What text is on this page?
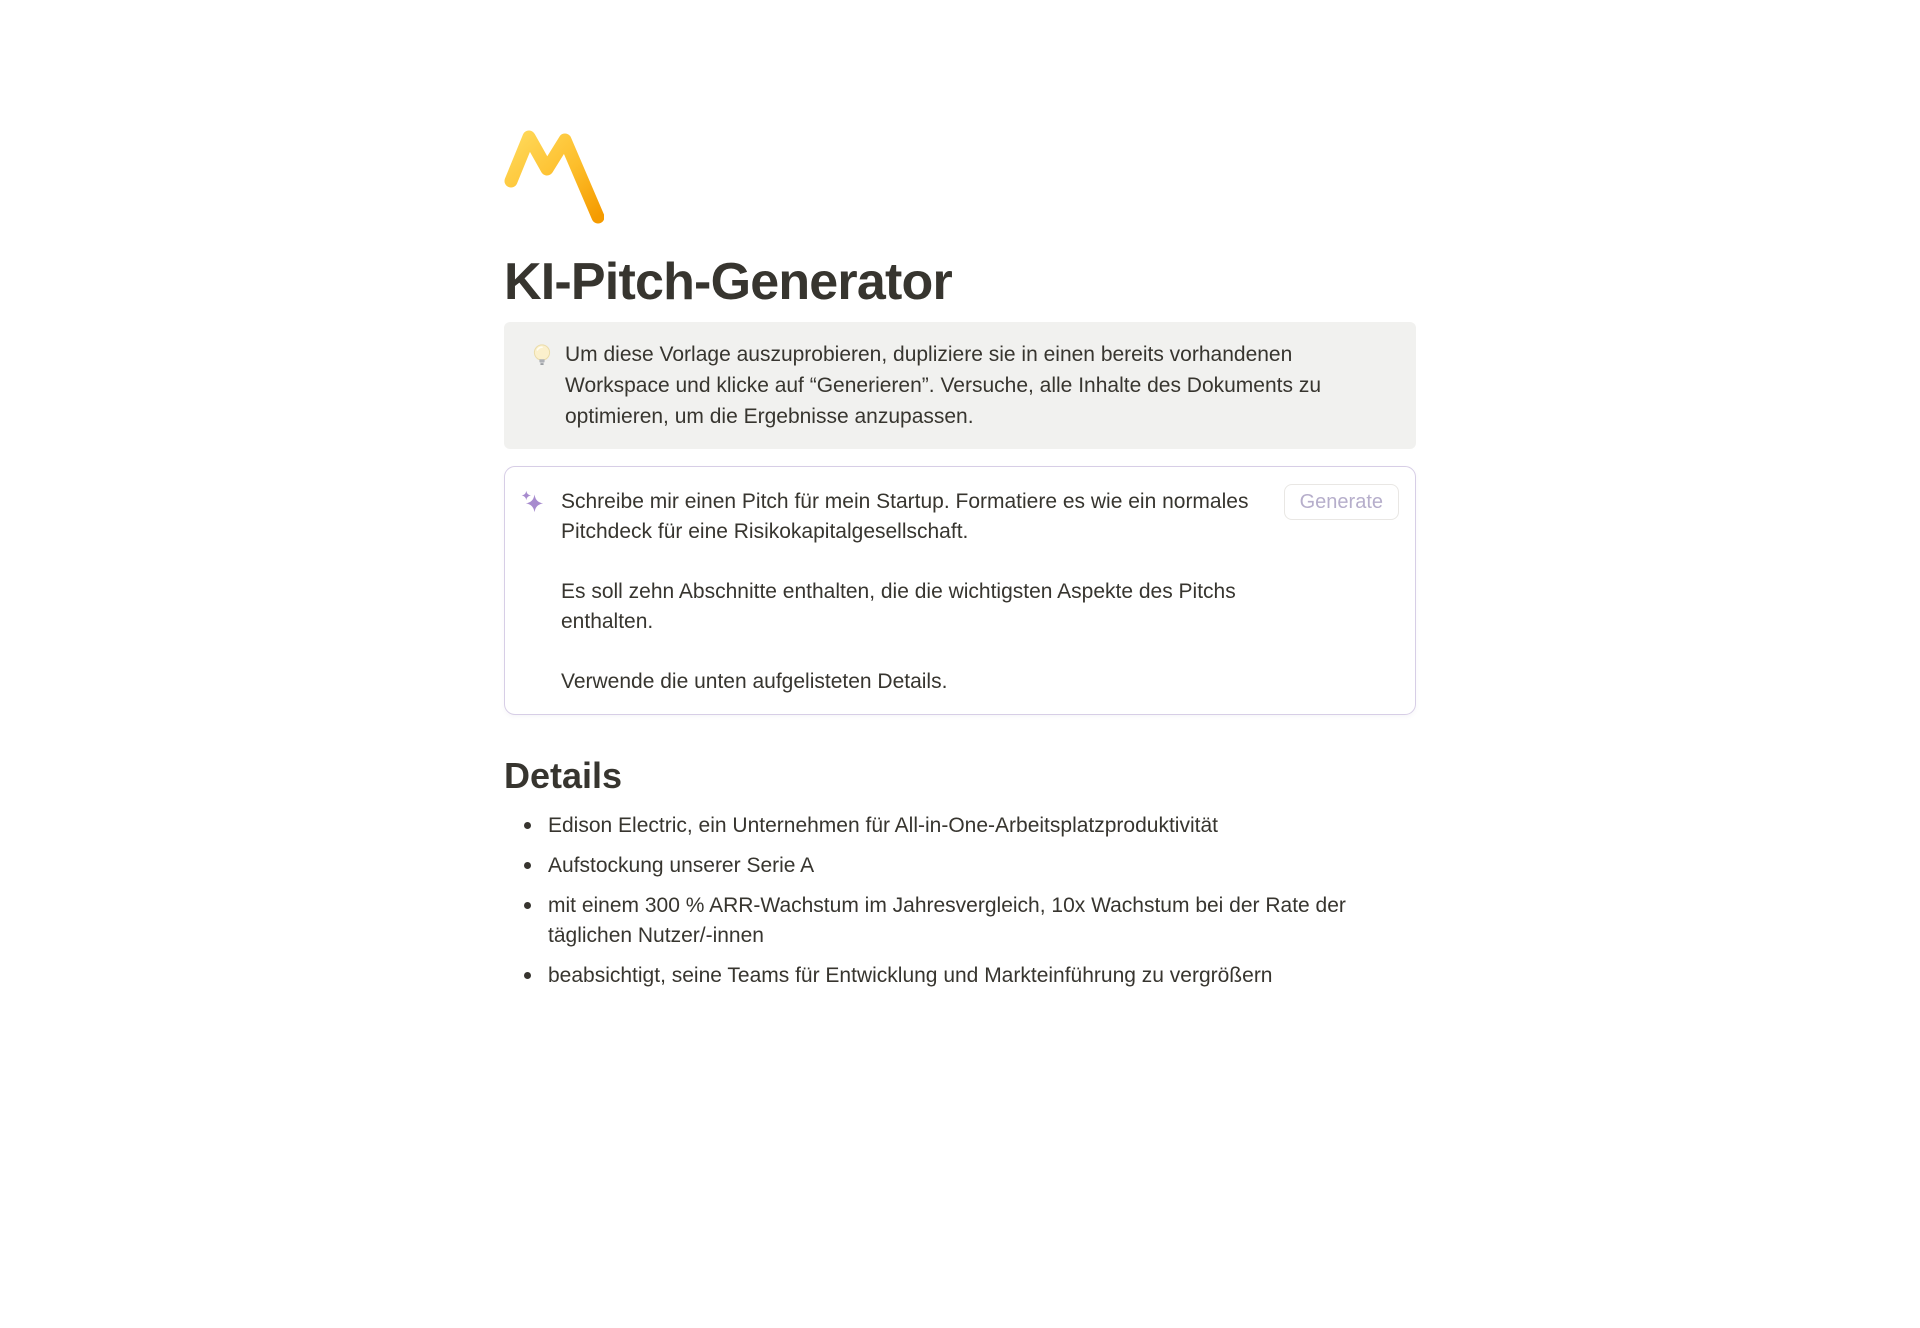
KI-Pitch-Generator
Um diese Vorlage auszuprobieren, dupliziere sie in einen bereits vorhandenen
Workspace und klicke auf “Generieren”. Versuche, alle Inhalte des Dokuments zu
optimieren, um die Ergebnisse anzupassen.
Schreibe mir einen Pitch für mein Startup. Formatiere es wie ein normales
Pitchdeck für eine Risikokapitalgesellschaft.
Es soll zehn Abschnitte enthalten, die die wichtigsten Aspekte des Pitchs
enthalten.
Verwende die unten aufgelisteten Details.
Generate
Details
Edison Electric, ein Unternehmen für All-in-One-Arbeitsplatzproduktivität
Aufstockung unserer Serie A
mit einem 300 % ARR-Wachstum im Jahresvergleich, 10x Wachstum bei der Rate der
täglichen Nutzer/-innen
beabsichtigt, seine Teams für Entwicklung und Markteinführung zu vergrößern
